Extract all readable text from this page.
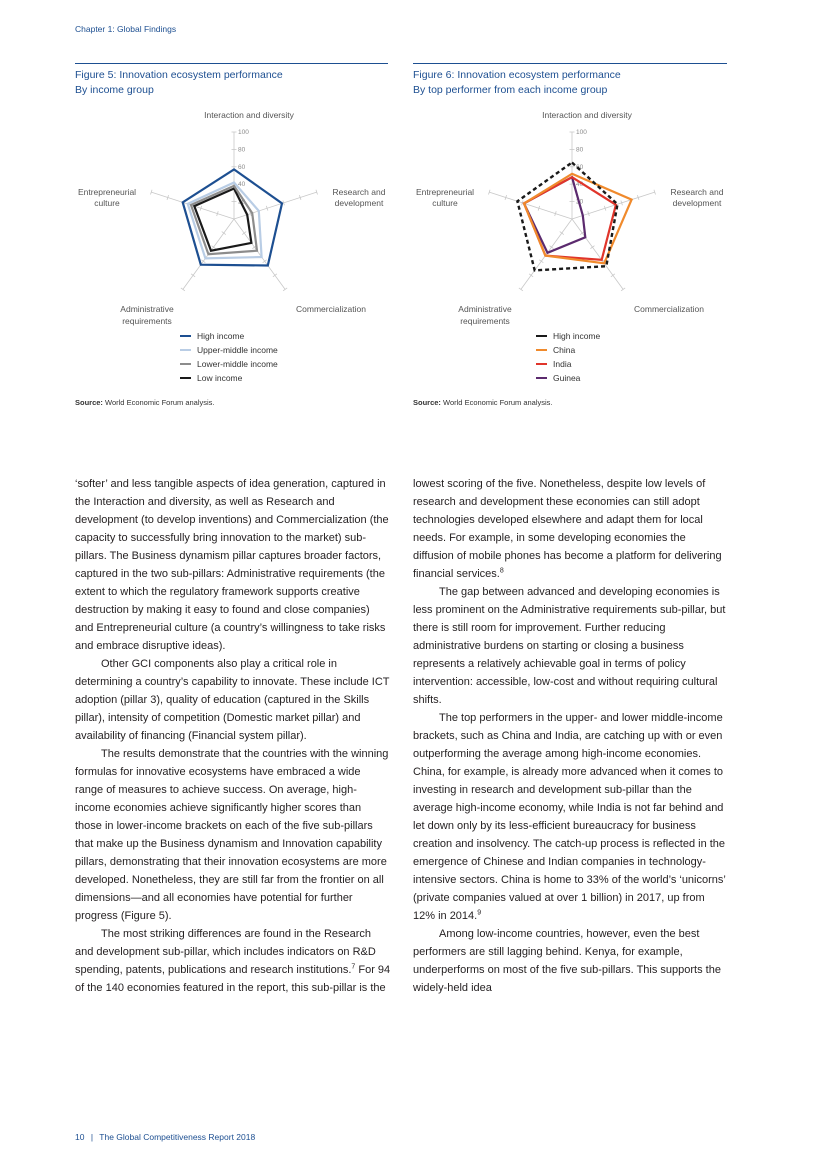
Chapter 1: Global Findings
Figure 5: Innovation ecosystem performance
By income group
100
80
60
40
20
Interaction and diversity
Research and
development
Commercialization
Administrative
requirements
Entrepreneurial
culture
High income
Upper-middle income
Lower-middle income
Low income
Source: World Economic Forum analysis.
Figure 6: Innovation ecosystem performance
By top performer from each income group
100
80
60
40
20
Interaction and diversity
Research and
development
Commercialization
Administrative
requirements
Entrepreneurial
culture
High income
China
India
Guinea
Source: World Economic Forum analysis.

‘softer’ and less tangible aspects of idea generation, captured in the Interaction and diversity, as well as Research and development (to develop inventions) and Commercialization (the capacity to successfully bring innovation to the market) sub-pillars. The Business dynamism pillar captures broader factors, captured in the two sub-pillars: Administrative requirements (the extent to which the regulatory framework supports creative destruction by making it easy to found and close companies) and Entrepreneurial culture (a country’s willingness to take risks and embrace disruptive ideas).

Other GCI components also play a critical role in determining a country’s capability to innovate. These include ICT adoption (pillar 3), quality of education (captured in the Skills pillar), intensity of competition (Domestic market pillar) and availability of financing (Financial system pillar).

The results demonstrate that the countries with the winning formulas for innovative ecosystems have embraced a wide range of measures to achieve success. On average, high-income economies achieve significantly higher scores than those in lower-income brackets on each of the five sub-pillars that make up the Business dynamism and Innovation capability pillars, demonstrating that their innovation ecosystems are more developed. Nonetheless, they are still far from the frontier on all dimensions—and all economies have potential for further progress (Figure 5).

The most striking differences are found in the Research and development sub-pillar, which includes indicators on R&D spending, patents, publications and research institutions.$^7$ For 94 of the 140 economies featured in the report, this sub-pillar is the

lowest scoring of the five. Nonetheless, despite low levels of research and development these economies can still adopt technologies developed elsewhere and adapt them for local needs. For example, in some developing economies the diffusion of mobile phones has become a platform for delivering financial services.$^8$

The gap between advanced and developing economies is less prominent on the Administrative requirements sub-pillar, but there is still room for improvement. Further reducing administrative burdens on starting or closing a business represents a relatively achievable goal in terms of policy intervention: accessible, low-cost and without requiring cultural shifts.

The top performers in the upper- and lower middle-income brackets, such as China and India, are catching up with or even outperforming the average among high-income economies. China, for example, is already more advanced when it comes to investing in research and development sub-pillar than the average high-income economy, while India is not far behind and let down only by its less-efficient bureaucracy for business creation and insolvency. The catch-up process is reflected in the emergence of Chinese and Indian companies in technology-intensive sectors. China is home to 33% of the world’s ‘unicorns’ (private companies valued at over 1 billion) in 2017, up from 12% in 2014.$^9$

Among low-income countries, however, even the best performers are still lagging behind. Kenya, for example, underperforms on most of the five sub-pillars. This supports the widely-held idea

10 | The Global Competitiveness Report 2018
